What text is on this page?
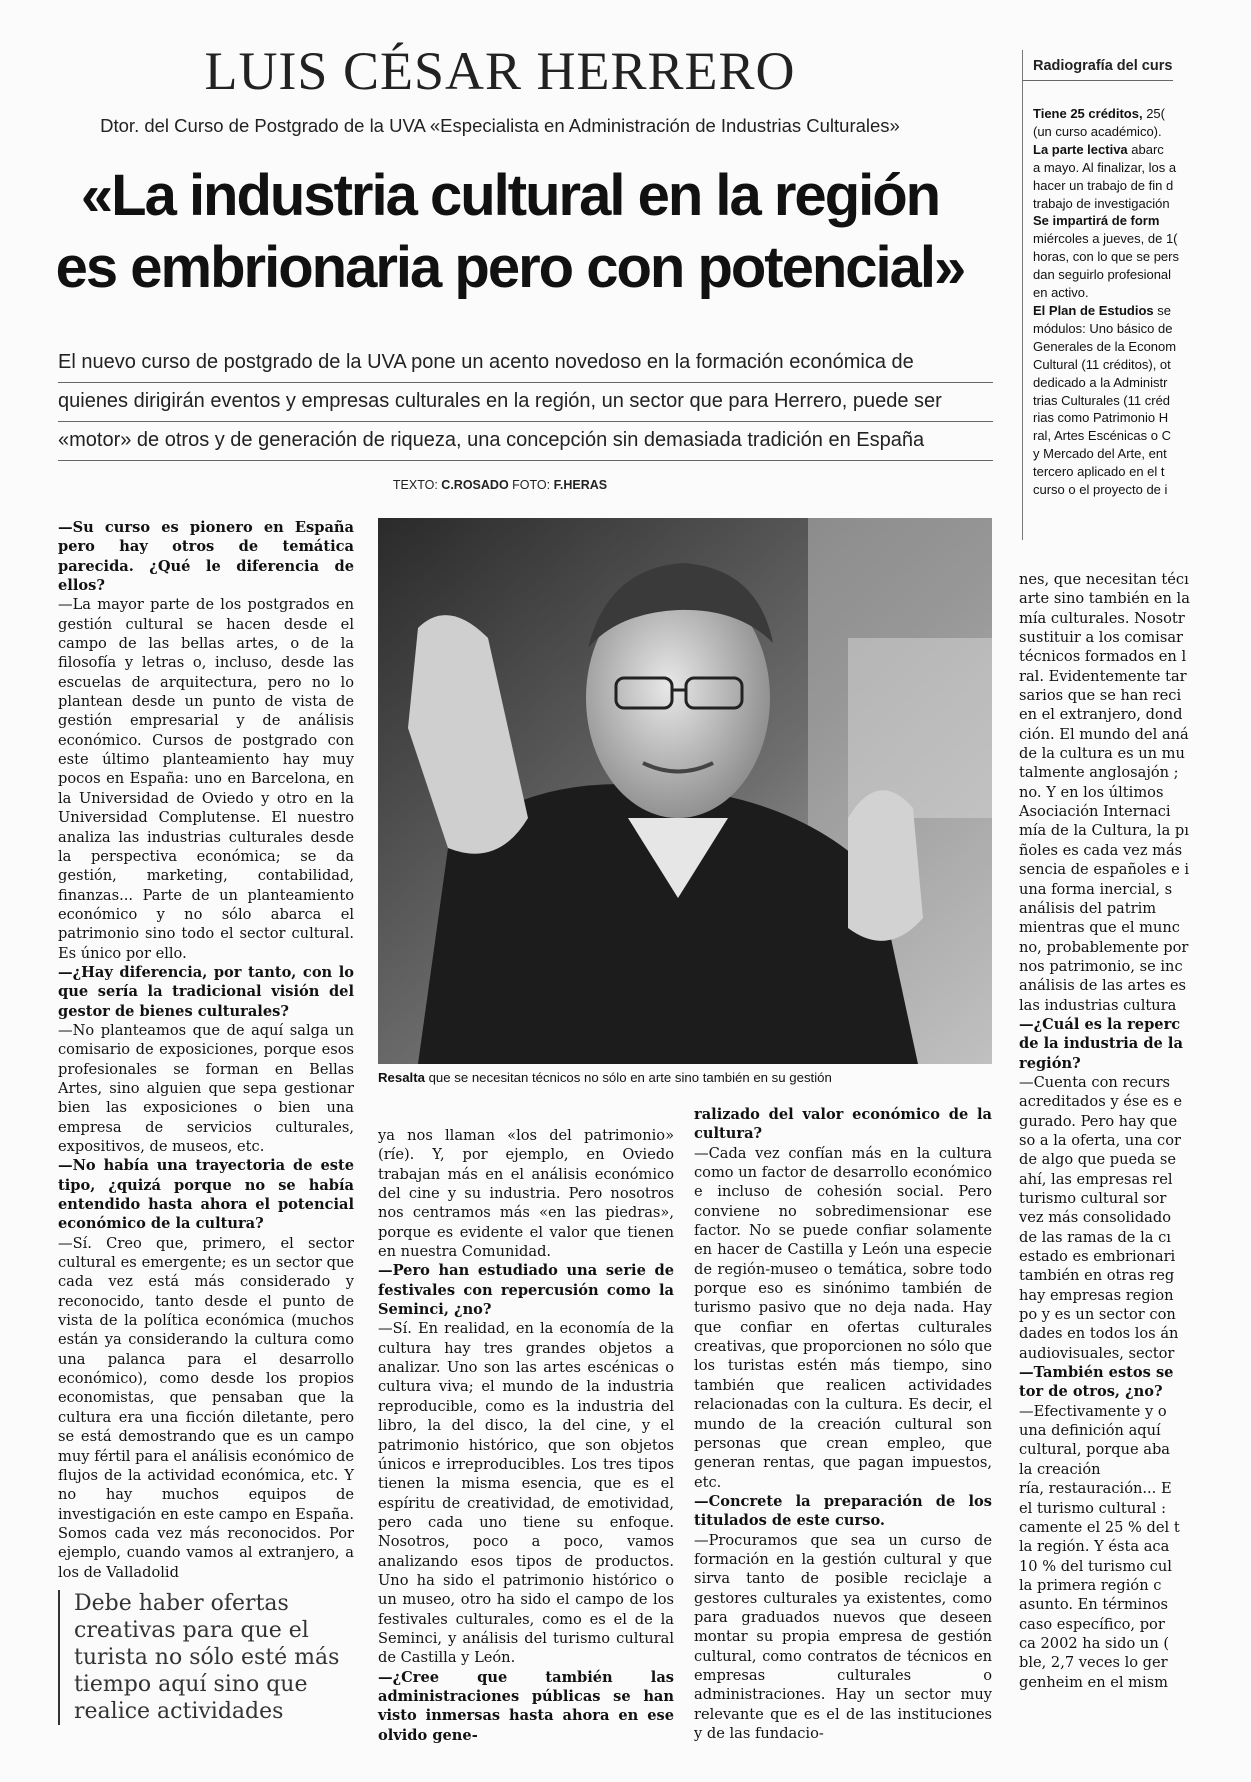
LUIS CÉSAR HERRERO
Dtor. del Curso de Postgrado de la UVA «Especialista en Administración de Industrias Culturales»
«La industria cultural en la región
es embrionaria pero con potencial»
El nuevo curso de postgrado de la UVA pone un acento novedoso en la formación económica de
quienes dirigirán eventos y empresas culturales en la región, un sector que para Herrero, puede ser
«motor» de otros y de generación de riqueza, una concepción sin demasiada tradición en España
TEXTO: C.ROSADO FOTO: F.HERAS

—Su curso es pionero en España pero hay otros de temática parecida. ¿Qué le diferencia de ellos?

—La mayor parte de los postgrados en gestión cultural se hacen desde el campo de las bellas artes, o de la filosofía y letras o, incluso, desde las escuelas de arquitectura, pero no lo plantean desde un punto de vista de gestión empresarial y de análisis económico. Cursos de postgrado con este último planteamiento hay muy pocos en España: uno en Barcelona, en la Universidad de Oviedo y otro en la Universidad Complutense. El nuestro analiza las industrias culturales desde la perspectiva económica; se da gestión, marketing, contabilidad, finanzas... Parte de un planteamiento económico y no sólo abarca el patrimonio sino todo el sector cultural. Es único por ello.

—¿Hay diferencia, por tanto, con lo que sería la tradicional visión del gestor de bienes culturales?

—No planteamos que de aquí salga un comisario de exposiciones, porque esos profesionales se forman en Bellas Artes, sino alguien que sepa gestionar bien las exposiciones o bien una empresa de servicios culturales, expositivos, de museos, etc.

—No había una trayectoria de este tipo, ¿quizá porque no se había entendido hasta ahora el potencial económico de la cultura?

—Sí. Creo que, primero, el sector cultural es emergente; es un sector que cada vez está más considerado y reconocido, tanto desde el punto de vista de la política económica (muchos están ya considerando la cultura como una palanca para el desarrollo económico), como desde los propios economistas, que pensaban que la cultura era una ficción diletante, pero se está demostrando que es un campo muy fértil para el análisis económico de flujos de la actividad económica, etc. Y no hay muchos equipos de investigación en este campo en España. Somos cada vez más reconocidos. Por ejemplo, cuando vamos al extranjero, a los de Valladolid

Resalta que se necesitan técnicos no sólo en arte sino también en su gestión

ya nos llaman «los del patrimonio» (ríe). Y, por ejemplo, en Oviedo trabajan más en el análisis económico del cine y su industria. Pero nosotros nos centramos más «en las piedras», porque es evidente el valor que tienen en nuestra Comunidad.

—Pero han estudiado una serie de festivales con repercusión como la Seminci, ¿no?

—Sí. En realidad, en la economía de la cultura hay tres grandes objetos a analizar. Uno son las artes escénicas o cultura viva; el mundo de la industria reproducible, como es la industria del libro, la del disco, la del cine, y el patrimonio histórico, que son objetos únicos e irreproducibles. Los tres tipos tienen la misma esencia, que es el espíritu de creatividad, de emotividad, pero cada uno tiene su enfoque. Nosotros, poco a poco, vamos analizando esos tipos de productos. Uno ha sido el patrimonio histórico o un museo, otro ha sido el campo de los festivales culturales, como es el de la Seminci, y análisis del turismo cultural de Castilla y León.

—¿Cree que también las administraciones públicas se han visto inmersas hasta ahora en ese olvido gene-

ralizado del valor económico de la cultura?

—Cada vez confían más en la cultura como un factor de desarrollo económico e incluso de cohesión social. Pero conviene no sobredimensionar ese factor. No se puede confiar solamente en hacer de Castilla y León una especie de región-museo o temática, sobre todo porque eso es sinónimo también de turismo pasivo que no deja nada. Hay que confiar en ofertas culturales creativas, que proporcionen no sólo que los turistas estén más tiempo, sino también que realicen actividades relacionadas con la cultura. Es decir, el mundo de la creación cultural son personas que crean empleo, que generan rentas, que pagan impuestos, etc.

—Concrete la preparación de los titulados de este curso.

—Procuramos que sea un curso de formación en la gestión cultural y que sirva tanto de posible reciclaje a gestores culturales ya existentes, como para graduados nuevos que deseen montar su propia empresa de gestión cultural, como contratos de técnicos en empresas culturales o administraciones. Hay un sector muy relevante que es el de las instituciones y de las fundacio-

nes, que necesitan técı
arte sino también en la
mía culturales. Nosotr
sustituir a los comisar
técnicos formados en l
ral. Evidentemente tar
sarios que se han reci
en el extranjero, dond
ción. El mundo del aná
de la cultura es un mu
talmente anglosajón ;
no. Y en los últimos
Asociación Internaci
mía de la Cultura, la pı
ñoles es cada vez más
sencia de españoles e i
una forma inercial, s
análisis del patrim
mientras que el munc
no, probablemente por
nos patrimonio, se inc
análisis de las artes es
las industrias cultura
—¿Cuál es la reperc
de la industria de la
región?
—Cuenta con recurs
acreditados y ése es e
gurado. Pero hay que
so a la oferta, una cor
de algo que pueda se
ahí, las empresas rel
turismo cultural sor
vez más consolidado
de las ramas de la cı
estado es embrionari
también en otras reg
hay empresas region
po y es un sector con
dades en todos los án
audiovisuales, sector
—También estos se
tor de otros, ¿no?
—Efectivamente y o
una definición aquí
cultural, porque aba
la creación
ría, restauración... E
el turismo cultural :
camente el 25 % del t
la región. Y ésta aca
10 % del turismo cul
la primera región c
asunto. En términos
caso específico, por
ca 2002 ha sido un (
ble, 2,7 veces lo ger
genheim en el mism
Debe haber ofertas creativas para que el turista no sólo esté más tiempo aquí sino que realice actividades
Radiografía del curs
Tiene 25 créditos, 25(
(un curso académico).
La parte lectiva abarc
a mayo. Al finalizar, los a
hacer un trabajo de fin d
trabajo de investigación
Se impartirá de form
miércoles a jueves, de 1(
horas, con lo que se pers
dan seguirlo profesional
en activo.
El Plan de Estudios se
módulos: Uno básico de
Generales de la Econom
Cultural (11 créditos), ot
dedicado a la Administr
trias Culturales (11 créd
rias como Patrimonio H
ral, Artes Escénicas o C
y Mercado del Arte, ent
tercero aplicado en el t
curso o el proyecto de i
